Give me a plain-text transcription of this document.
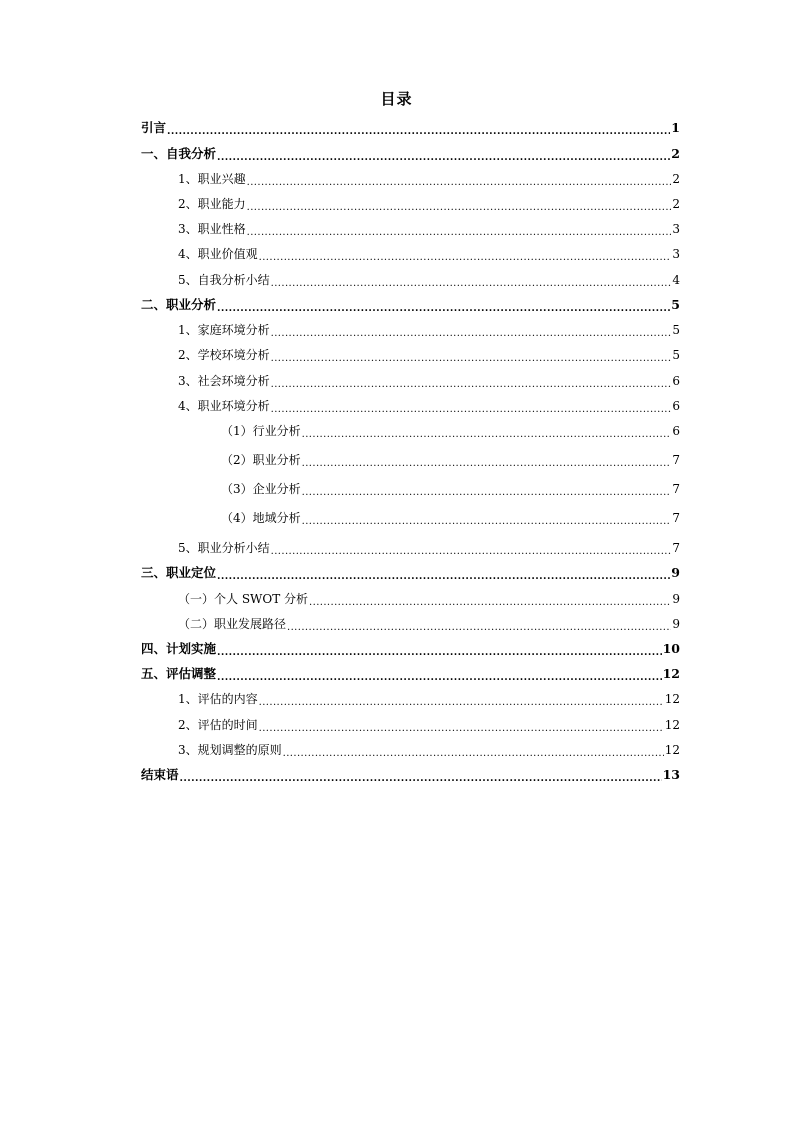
目录
引言 .....	1
一、自我分析 .....	2
1、职业兴趣 .....	2
2、职业能力 .....	2
3、职业性格 .....	3
4、职业价值观 .....	3
5、自我分析小结 .....	4
二、职业分析 .....	5
1、家庭环境分析 .....	5
2、学校环境分析 .....	5
3、社会环境分析 .....	6
4、职业环境分析 .....	6
（1）行业分析 .....	6
（2）职业分析 .....	7
（3）企业分析 .....	7
（4）地域分析 .....	7
5、职业分析小结 .....	7
三、职业定位 .....	9
（一）个人 SWOT 分析 .....	9
（二）职业发展路径 .....	9
四、计划实施 .....	10
五、评估调整 .....	12
1、评估的内容 .....	12
2、评估的时间 .....	12
3、规划调整的原则 .....	12
结束语 .....	13
